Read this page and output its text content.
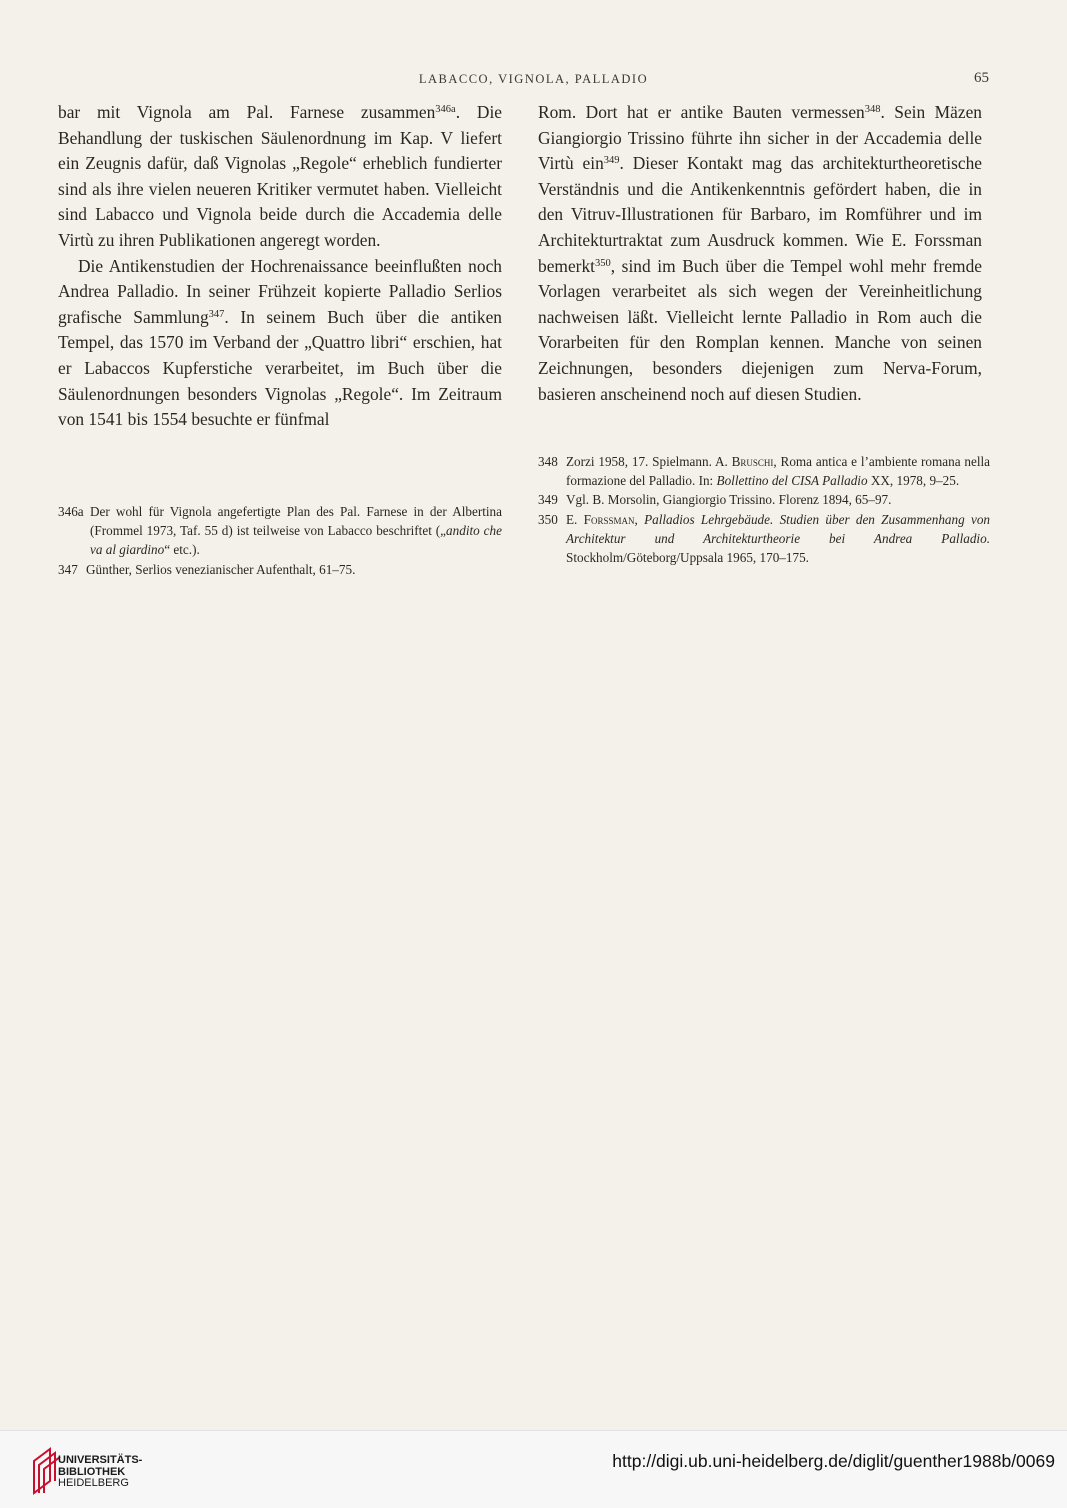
LABACCO, VIGNOLA, PALLADIO	65

bar mit Vignola am Pal. Farnese zusammen$^{346a}$. Die Behandlung der tuskischen Säulenordnung im Kap. V liefert ein Zeugnis dafür, daß Vignolas „Regole“ erheblich fundierter sind als ihre vielen neueren Kritiker vermutet haben. Vielleicht sind Labacco und Vignola beide durch die Accademia delle Virtù zu ihren Publikationen angeregt worden.

Die Antikenstudien der Hochrenaissance beeinflußten noch Andrea Palladio. In seiner Frühzeit kopierte Palladio Serlios grafische Sammlung$^{347}$. In seinem Buch über die antiken Tempel, das 1570 im Verband der „Quattro libri“ erschien, hat er Labaccos Kupferstiche verarbeitet, im Buch über die Säulenordnungen besonders Vignolas „Regole“. Im Zeitraum von 1541 bis 1554 besuchte er fünfmal

346a Der wohl für Vignola angefertigte Plan des Pal. Farnese in der Albertina (Frommel 1973, Taf. 55 d) ist teilweise von Labacco beschriftet („andito che va al giardino“ etc.).

347 Günther, Serlios venezianischer Aufenthalt, 61–75.

Rom. Dort hat er antike Bauten vermessen$^{348}$. Sein Mäzen Giangiorgio Trissino führte ihn sicher in der Accademia delle Virtù ein$^{349}$. Dieser Kontakt mag das architekturtheoretische Verständnis und die Antikenkenntnis gefördert haben, die in den Vitruv-Illustrationen für Barbaro, im Romführer und im Architekturtraktat zum Ausdruck kommen. Wie E. Forssman bemerkt$^{350}$, sind im Buch über die Tempel wohl mehr fremde Vorlagen verarbeitet als sich wegen der Vereinheitlichung nachweisen läßt. Vielleicht lernte Palladio in Rom auch die Vorarbeiten für den Romplan kennen. Manche von seinen Zeichnungen, besonders diejenigen zum Nerva-Forum, basieren anscheinend noch auf diesen Studien.

348 Zorzi 1958, 17. Spielmann. A. Bruschi, Roma antica e l’ambiente romana nella formazione del Palladio. In: Bollettino del CISA Palladio XX, 1978, 9–25.

349 Vgl. B. Morsolin, Giangiorgio Trissino. Florenz 1894, 65–97.

350 E. Forssman, Palladios Lehrgebäude. Studien über den Zusammenhang von Architektur und Architekturtheorie bei Andrea Palladio. Stockholm/Göteborg/Uppsala 1965, 170–175.

UNIVERSITÄTS-
BIBLIOTHEK
HEIDELBERG
http://digi.ub.uni-heidelberg.de/diglit/guenther1988b/0069
